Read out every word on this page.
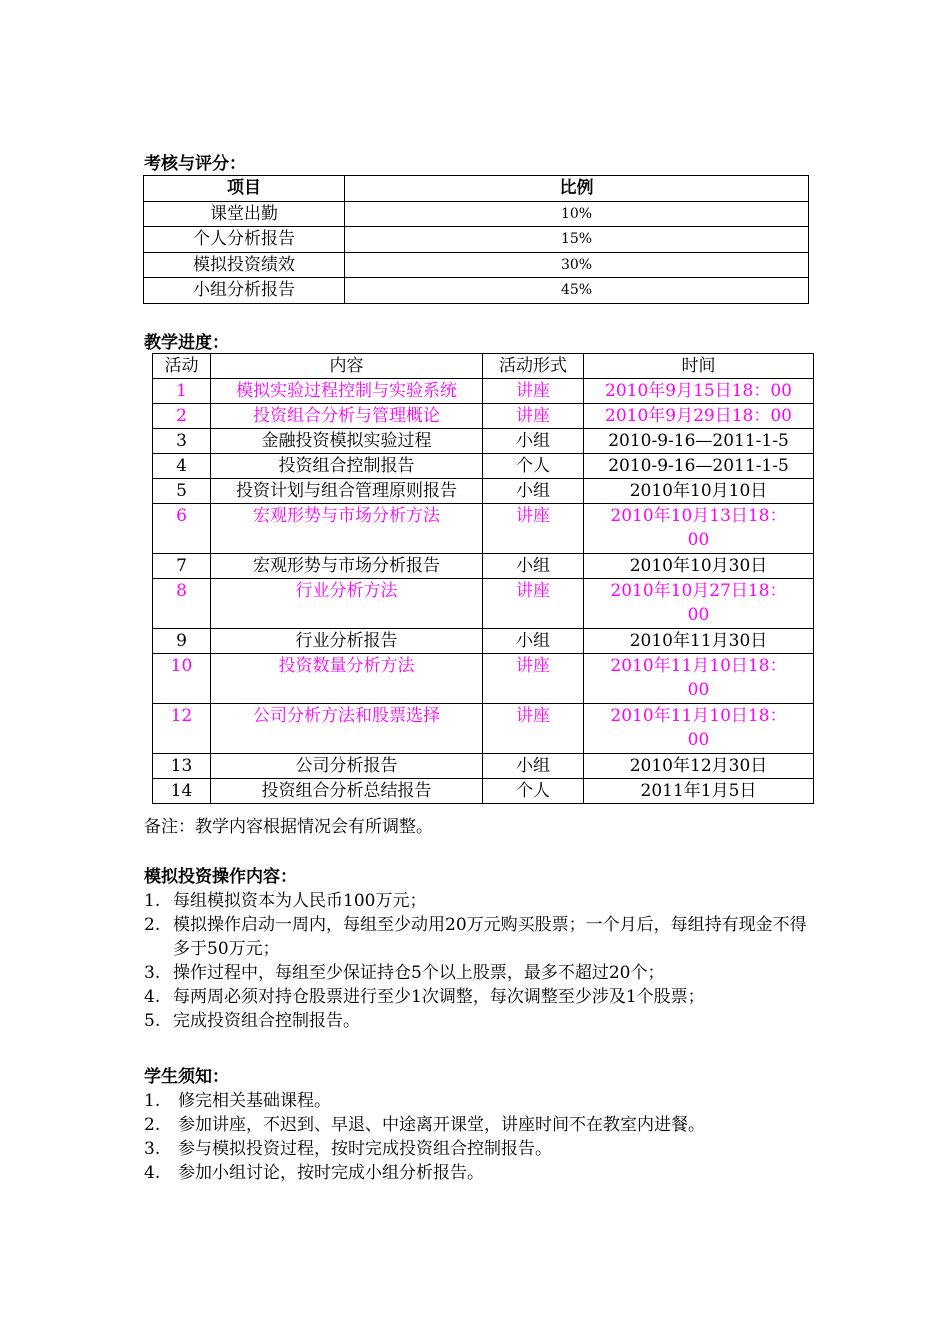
考核与评分：
项目	比例
课堂出勤	10%
个人分析报告	15%
模拟投资绩效	30%
小组分析报告	45%
教学进度：
活动	内容	活动形式	时间
1	模拟实验过程控制与实验系统	讲座	2010年9月15日18：00
2	投资组合分析与管理概论	讲座	2010年9月29日18：00
3	金融投资模拟实验过程	小组	2010-9-16—2011-1-5
4	投资组合控制报告	个人	2010-9-16—2011-1-5
5	投资计划与组合管理原则报告	小组	2010年10月10日
6	宏观形势与市场分析方法	讲座	2010年10月13日18：00
7	宏观形势与市场分析报告	小组	2010年10月30日
8	行业分析方法	讲座	2010年10月27日18：00
9	行业分析报告	小组	2010年11月30日
10	投资数量分析方法	讲座	2010年11月10日18：00
12	公司分析方法和股票选择	讲座	2010年11月10日18：00
13	公司分析报告	小组	2010年12月30日
14	投资组合分析总结报告	个人	2011年1月5日
备注：教学内容根据情况会有所调整。
模拟投资操作内容：
1. 每组模拟资本为人民币100万元；
2. 模拟操作启动一周内，每组至少动用20万元购买股票；一个月后，每组持有现金不得多于50万元；
3. 操作过程中，每组至少保证持仓5个以上股票，最多不超过20个；
4. 每两周必须对持仓股票进行至少1次调整，每次调整至少涉及1个股票；
5. 完成投资组合控制报告。
学生须知：
1. 修完相关基础课程。
2. 参加讲座，不迟到、早退、中途离开课堂，讲座时间不在教室内进餐。
3. 参与模拟投资过程，按时完成投资组合控制报告。
4. 参加小组讨论，按时完成小组分析报告。
